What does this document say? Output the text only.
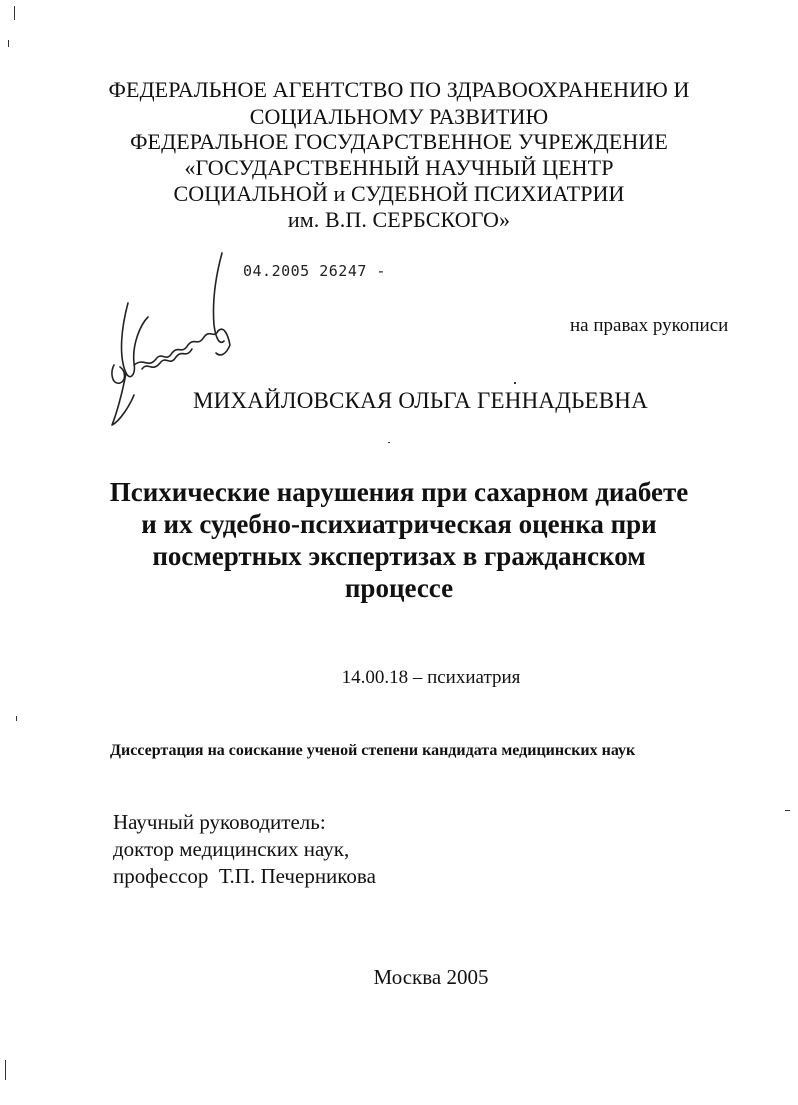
ФЕДЕРАЛЬНОЕ АГЕНТСТВО ПО ЗДРАВООХРАНЕНИЮ И
СОЦИАЛЬНОМУ РАЗВИТИЮ
ФЕДЕРАЛЬНОЕ ГОСУДАРСТВЕННОЕ УЧРЕЖДЕНИЕ
«ГОСУДАРСТВЕННЫЙ НАУЧНЫЙ ЦЕНТР
СОЦИАЛЬНОЙ и СУДЕБНОЙ ПСИХИАТРИИ
им. В.П. СЕРБСКОГО»
04.2005 26247 -
на правах рукописи
МИХАЙЛОВСКАЯ ОЛЬГА ГЕННАДЬЕВНА
Психические нарушения при сахарном диабете
и их судебно-психиатрическая оценка при
посмертных экспертизах в гражданском
процессе
14.00.18 – психиатрия
Диссертация на соискание ученой степени кандидата медицинских наук
Научный руководитель:
доктор медицинских наук,
профессор  Т.П. Печерникова
Москва 2005
